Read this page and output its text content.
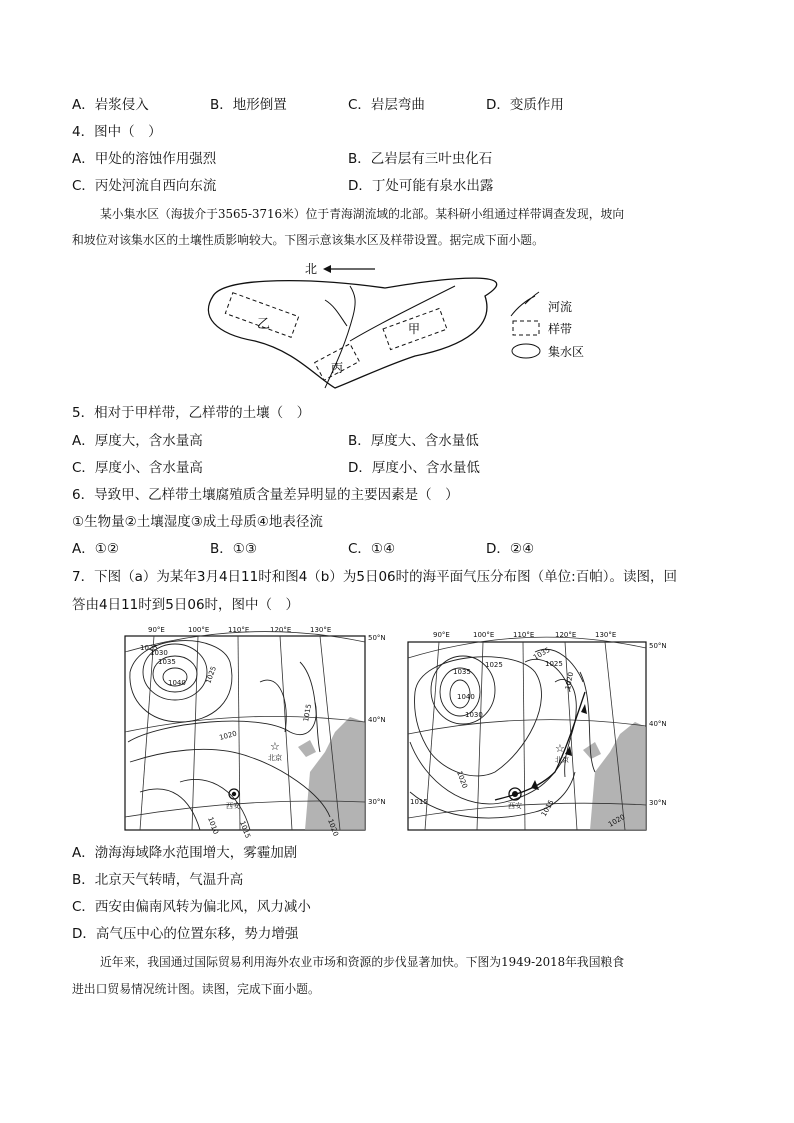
A．岩浆侵入	B．地形倒置	C．岩层弯曲	D．变质作用
4．图中（　）
A．甲处的溶蚀作用强烈	B．乙岩层有三叶虫化石
C．丙处河流自西向东流	D．丁处可能有泉水出露
某小集水区（海拔介于3565-3716米）位于青海湖流域的北部。某科研小组通过样带调查发现，坡向
和坡位对该集水区的土壤性质影响较大。下图示意该集水区及样带设置。据完成下面小题。
北
乙	甲
丙
河流
样带
集水区
5．相对于甲样带，乙样带的土壤（　）
A．厚度大，含水量高	B．厚度大、含水量低
C．厚度小、含水量高	D．厚度小、含水量低
6．导致甲、乙样带土壤腐殖质含量差异明显的主要因素是（　）
①生物量②土壤湿度③成土母质④地表径流
A．①②	B．①③	C．①④	D．②④
7．下图（a）为某年3月4日11时和图4（b）为5日06时的海平面气压分布图（单位:百帕）。读图，回
答由4日11时到5日06时，图中（　）
90°E	100°E	110°E	120°E	130°E
50°N
40°N
30°N
1040
1035
1030
1025
1025
1020
1015
1015
1010	1020
☆
北京
西安
90°E	100°E	110°E	120°E	130°E
50°N
40°N
30°N
1040
1035
1030
1025	1025
1035
1020
1020
1015	1015
1020
☆
北京
西安
A．渤海海域降水范围增大，雾霾加剧
B．北京天气转晴，气温升高
C．西安由偏南风转为偏北风，风力减小
D．高气压中心的位置东移，势力增强
近年来，我国通过国际贸易利用海外农业市场和资源的步伐显著加快。下图为1949-2018年我国粮食
进出口贸易情况统计图。读图，完成下面小题。
